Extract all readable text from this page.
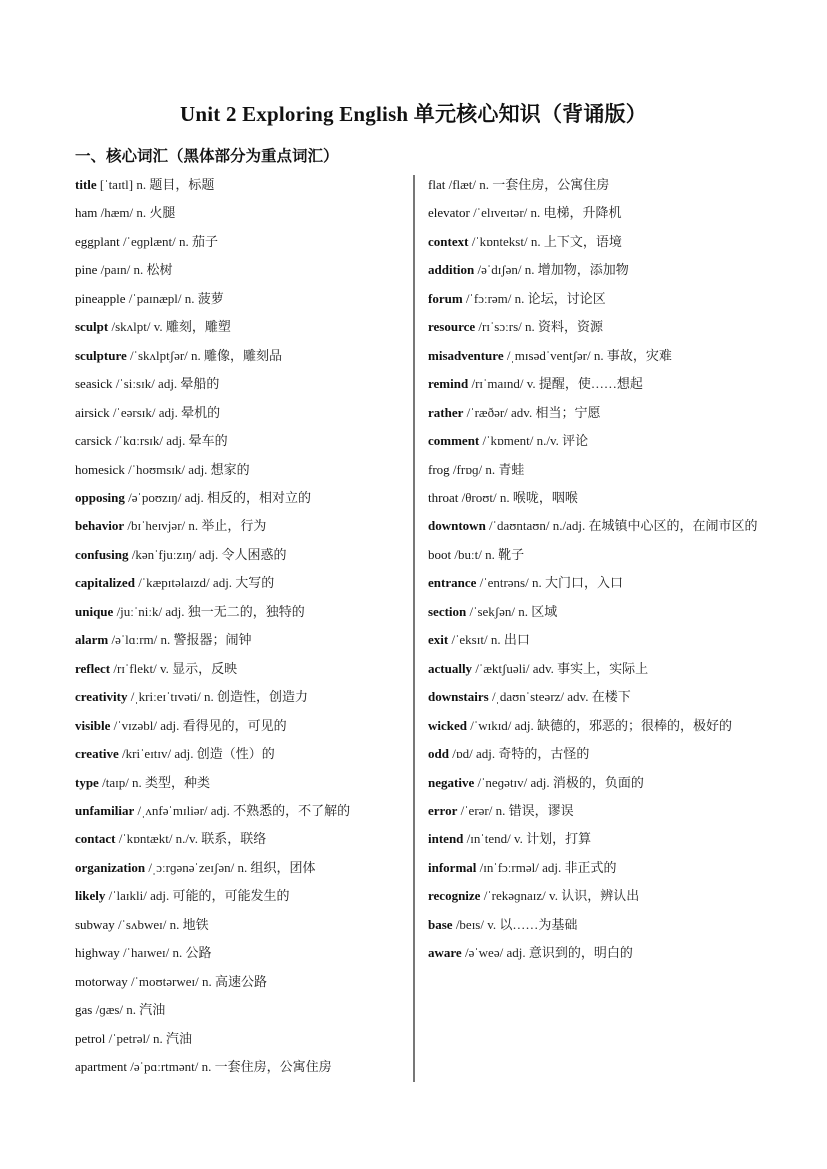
Unit 2 Exploring English 单元核心知识（背诵版）
一、核心词汇（黑体部分为重点词汇）
title [ˈtaɪtl] n. 题目，标题
ham /hæm/ n. 火腿
eggplant /ˈeɡplænt/ n. 茄子
pine /paɪn/ n. 松树
pineapple /ˈpaɪnæpl/ n. 菠萝
sculpt /skʌlpt/ v. 雕刻，雕塑
sculpture /ˈskʌlptʃər/ n. 雕像，雕刻品
seasick /ˈsiːsɪk/ adj. 晕船的
airsick /ˈeərsɪk/ adj. 晕机的
carsick /ˈkɑːrsɪk/ adj. 晕车的
homesick /ˈhoʊmsɪk/ adj. 想家的
opposing /əˈpoʊzɪŋ/ adj. 相反的，相对立的
behavior /bɪˈheɪvjər/ n. 举止，行为
confusing /kənˈfjuːzɪŋ/ adj. 令人困惑的
capitalized /ˈkæpɪtəlaɪzd/ adj. 大写的
unique /juːˈniːk/ adj. 独一无二的，独特的
alarm /əˈlɑːrm/ n. 警报器；闹钟
reflect /rɪˈflekt/ v. 显示，反映
creativity /ˌkriːeɪˈtɪvəti/ n. 创造性，创造力
visible /ˈvɪzəbl/ adj. 看得见的，可见的
creative /kriˈeɪtɪv/ adj. 创造（性）的
type /taɪp/ n. 类型，种类
unfamiliar /ˌʌnfəˈmɪliər/ adj. 不熟悉的，不了解的
contact /ˈkɒntækt/ n./v. 联系，联络
organization /ˌɔːrɡənəˈzeɪʃən/ n. 组织，团体
likely /ˈlaɪkli/ adj. 可能的，可能发生的
subway /ˈsʌbweɪ/ n. 地铁
highway /ˈhaɪweɪ/ n. 公路
motorway /ˈmoʊtərweɪ/ n. 高速公路
gas /ɡæs/ n. 汽油
petrol /ˈpetrəl/ n. 汽油
apartment /əˈpɑːrtmənt/ n. 一套住房，公寓住房
flat /flæt/ n. 一套住房，公寓住房
elevator /ˈelɪveɪtər/ n. 电梯，升降机
context /ˈkɒntekst/ n. 上下文，语境
addition /əˈdɪʃən/ n. 增加物，添加物
forum /ˈfɔːrəm/ n. 论坛，讨论区
resource /rɪˈsɔːrs/ n. 资料，资源
misadventure /ˌmɪsədˈventʃər/ n. 事故，灾难
remind /rɪˈmaɪnd/ v. 提醒，使……想起
rather /ˈræðər/ adv. 相当；宁愿
comment /ˈkɒment/ n./v. 评论
frog /frɒɡ/ n. 青蛙
throat /θroʊt/ n. 喉咙，咽喉
downtown /ˈdaʊntaʊn/ n./adj. 在城镇中心区的，在闹市区的
boot /buːt/ n. 靴子
entrance /ˈentrəns/ n. 大门口，入口
section /ˈsekʃən/ n. 区域
exit /ˈeksɪt/ n. 出口
actually /ˈæktʃuəli/ adv. 事实上，实际上
downstairs /ˌdaʊnˈsteərz/ adv. 在楼下
wicked /ˈwɪkɪd/ adj. 缺德的，邪恶的；很棒的，极好的
odd /ɒd/ adj. 奇特的，古怪的
negative /ˈneɡətɪv/ adj. 消极的，负面的
error /ˈerər/ n. 错误，谬误
intend /ɪnˈtend/ v. 计划，打算
informal /ɪnˈfɔːrməl/ adj. 非正式的
recognize /ˈrekəɡnaɪz/ v. 认识，辨认出
base /beɪs/ v. 以……为基础
aware /əˈweə/ adj. 意识到的，明白的
